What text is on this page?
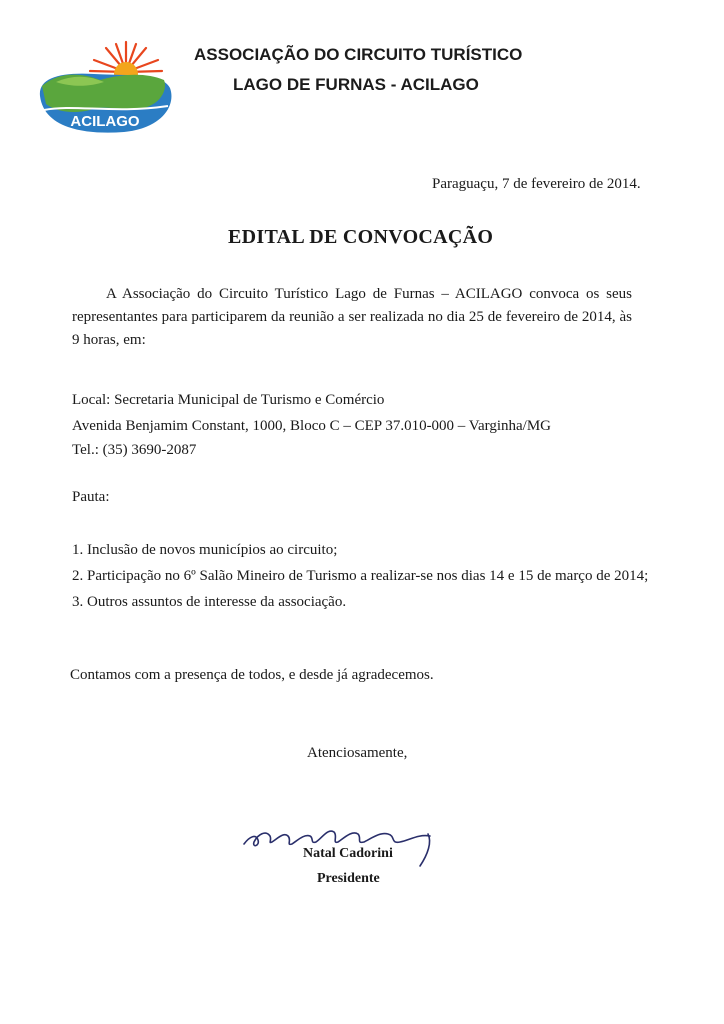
ACILAGO
ASSOCIAÇÃO DO CIRCUITO TURÍSTICO
LAGO DE FURNAS - ACILAGO
Paraguaçu, 7 de fevereiro de 2014.
EDITAL DE CONVOCAÇÃO
A Associação do Circuito Turístico Lago de Furnas – ACILAGO convoca os seus representantes para participarem da reunião a ser realizada no dia 25 de fevereiro de 2014, às 9 horas, em:
Local: Secretaria Municipal de Turismo e Comércio
Avenida Benjamim Constant, 1000, Bloco C – CEP 37.010-000 – Varginha/MG
Tel.: (35) 3690-2087
Pauta:
1. Inclusão de novos municípios ao circuito;
2. Participação no 6º Salão Mineiro de Turismo a realizar-se nos dias 14 e 15 de março de 2014;
3. Outros assuntos de interesse da associação.
Contamos com a presença de todos, e desde já agradecemos.
Atenciosamente,
Natal Cadorini
Presidente
